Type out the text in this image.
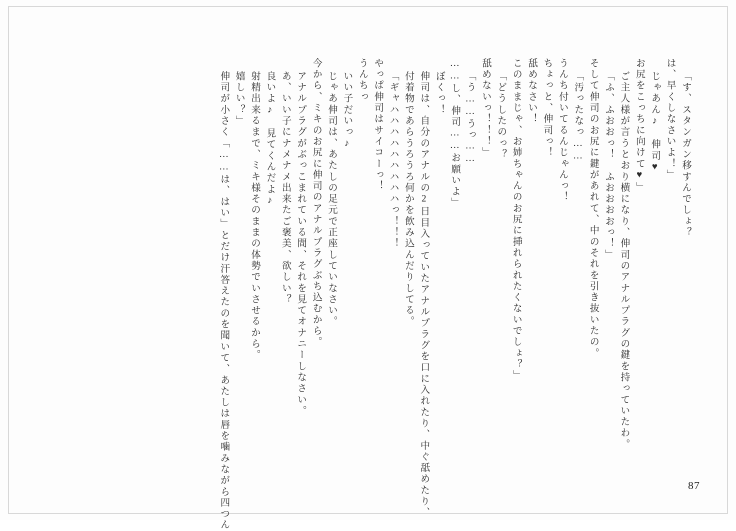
「す、スタンガン移すんでしょ？
は、早くしなさいよ！」
じゃあん♪　伸司♥
お尻をこっちに向けて♥」
ご主人様が言うとおり横になり、伸司のアナルプラグの鍵を持っていたわ。
「ふ、ふおおっ！　ふおおおおっ！」
そして伸司のお尻に鍵があれて、中のそれを引き抜いたの。
「汚ったなっ……
うんち付いてるんじゃんっ！
ちょっと、伸司っ！
舐めなさい！
このままじゃ、お姉ちゃんのお尻に挿れられたくないでしょ？」
「どうしたのっ？
舐めないっ！！！」
「う……うっ……
……し、伸司……お願いよ」
ぼくっ！
伸司は、自分のアナルの2日目入っていたアナルプラグを口に入れたり、中ぐ舐めたり、
付着物であらうろうろ何かを飲み込んだりしてる。
「ギャハハハハハハハハハっ！！！
やっぱ伸司はサイコーっ！
うんちっ
いい子だいっ♪
じゃあ伸司は、あたしの足元で正座していなさい。
今から、ミキのお尻に伸司のアナルプラグぶち込むから。
アナルプラグがぶっこまれている間、それを見てオナニーしなさい。
あ、いい子にナメナメ出来たご褒美、欲しい？
良いよ♪　見てくんだよ♪
射精出来るまで、ミキ様そのままの体勢でいさせるから。
嬉しい？」
伸司が小さく「……は、はい」とだけ汗答えたのを聞いて、あたしは唇を噛みながら四つん	87
